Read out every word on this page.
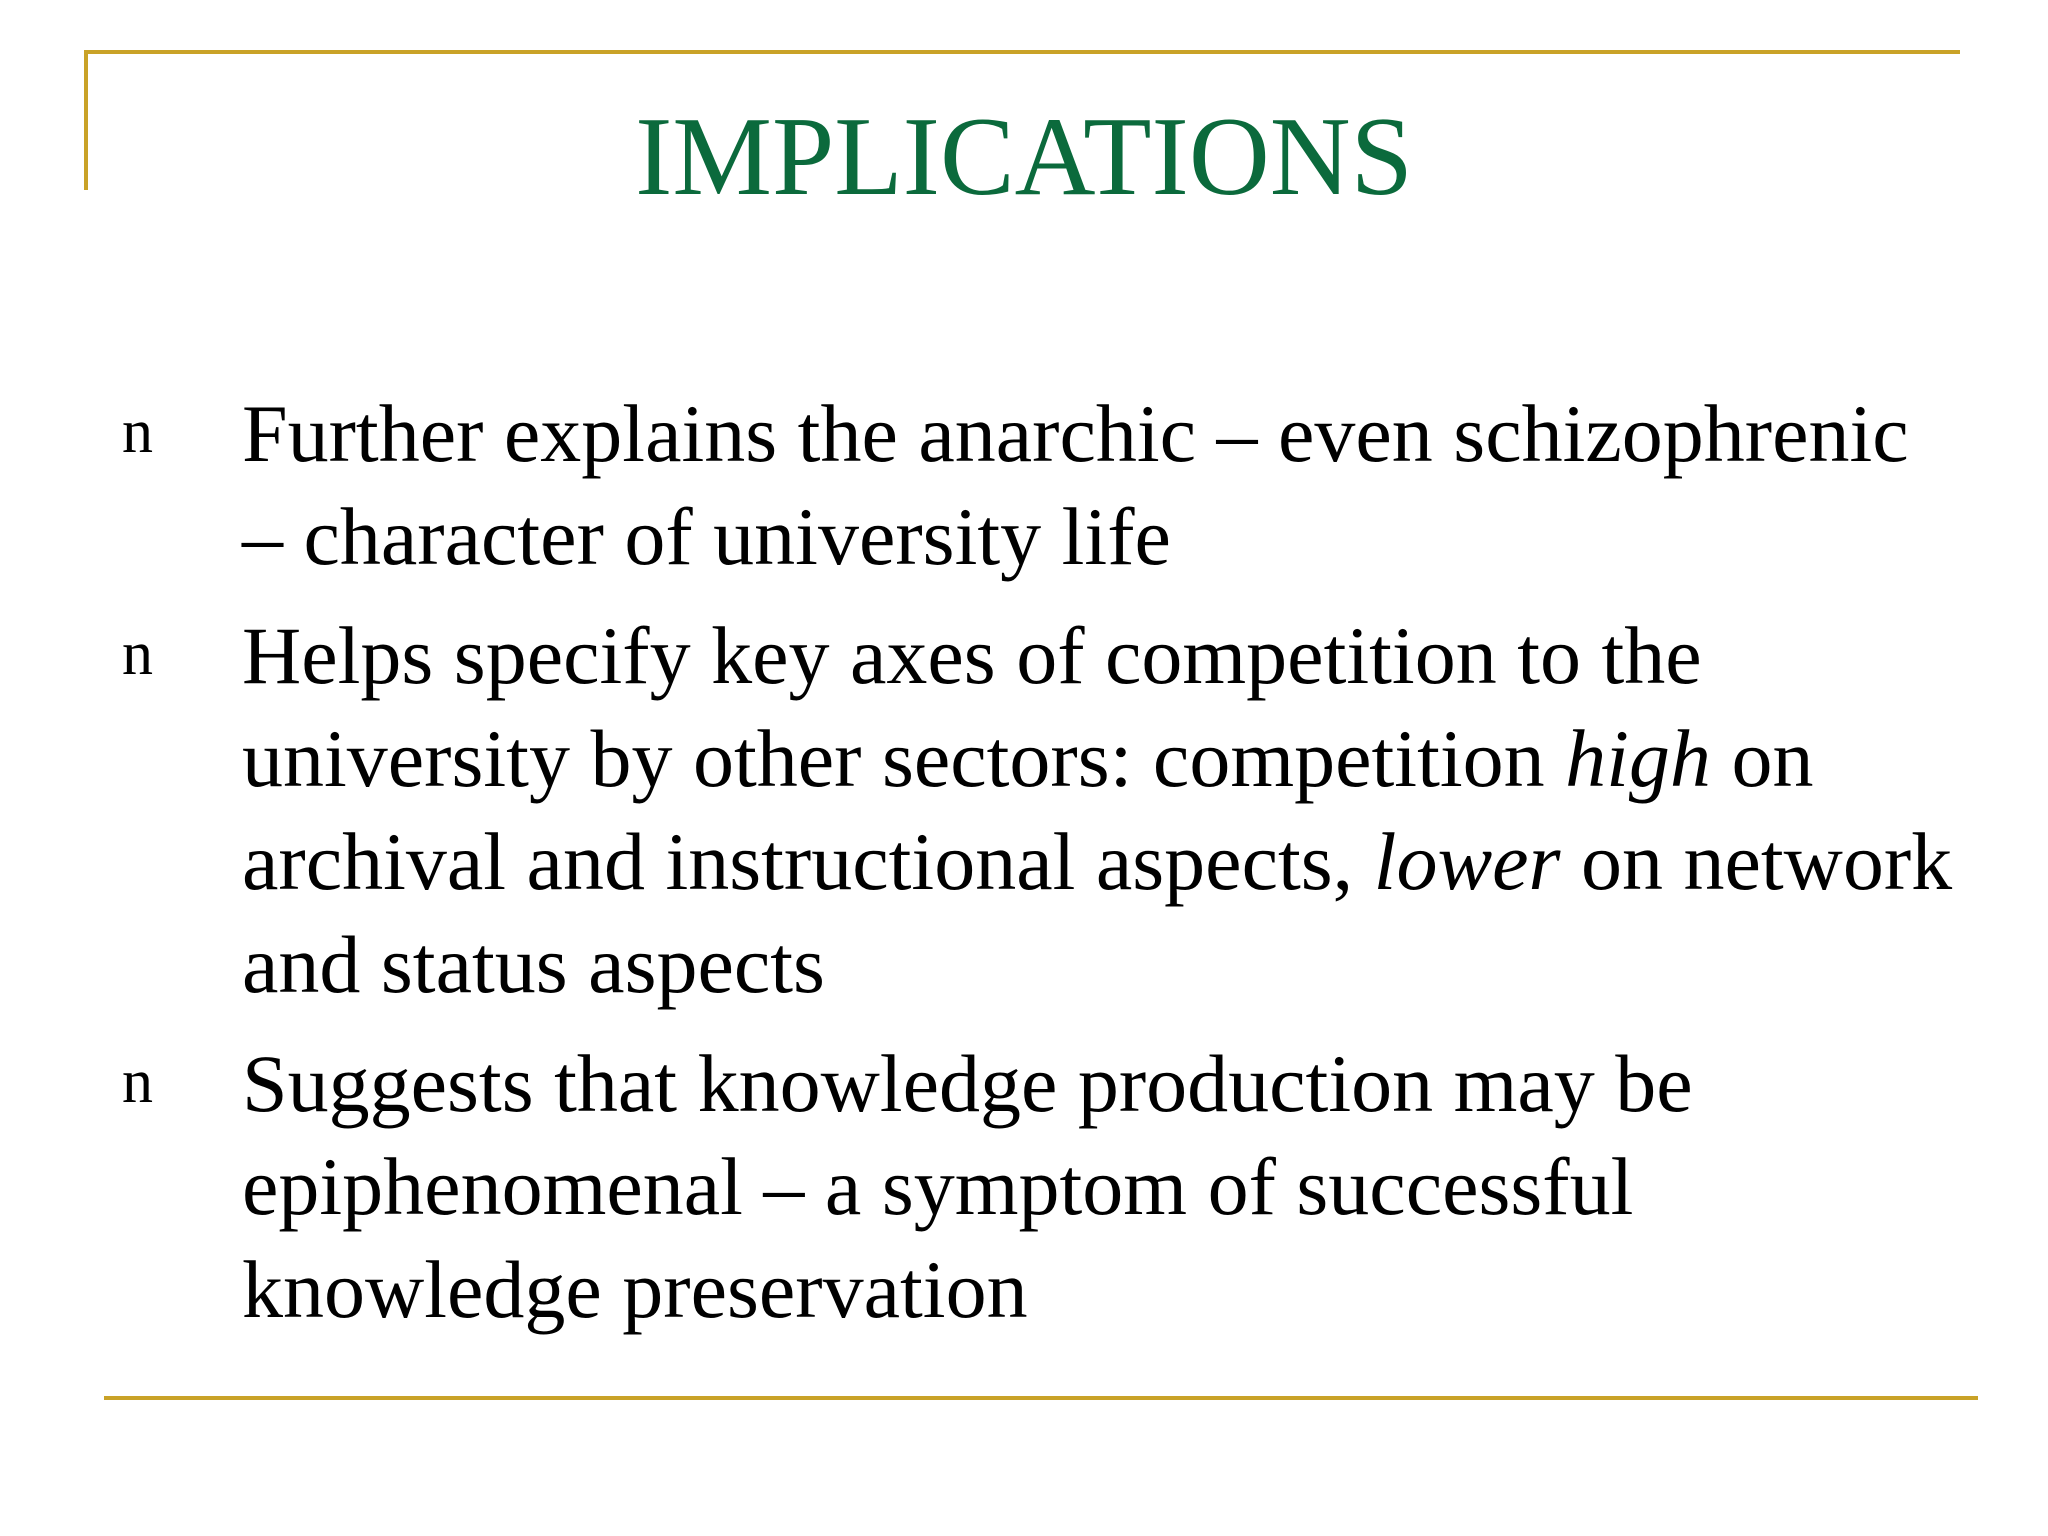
IMPLICATIONS
n Further explains the anarchic – even schizophrenic – character of university life
n Helps specify key axes of competition to the university by other sectors: competition high on archival and instructional aspects, lower on network and status aspects
n Suggests that knowledge production may be epiphenomenal – a symptom of successful knowledge preservation
